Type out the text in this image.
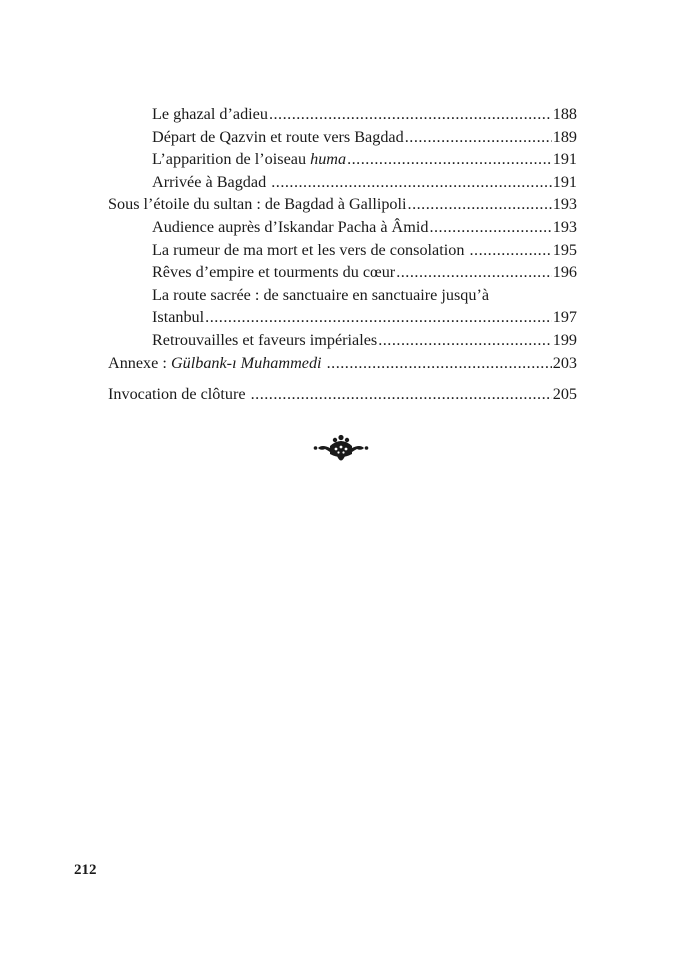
Le ghazal d’adieu .....	188
Départ de Qazvin et route vers Bagdad .....	189
L’apparition de l’oiseau huma .....	191
Arrivée à Bagdad .....	191
Sous l’étoile du sultan : de Bagdad à Gallipoli .....	193
Audience auprès d’Iskandar Pacha à Âmid .....	193
La rumeur de ma mort et les vers de consolation .....	195
Rêves d’empire et tourments du cœur .....	196
La route sacrée : de sanctuaire en sanctuaire jusqu’à
Istanbul .....	197
Retrouvailles et faveurs impériales .....	199
Annexe : Gülbank-ı Muhammedi .....	203
Invocation de clôture .....	205
212
